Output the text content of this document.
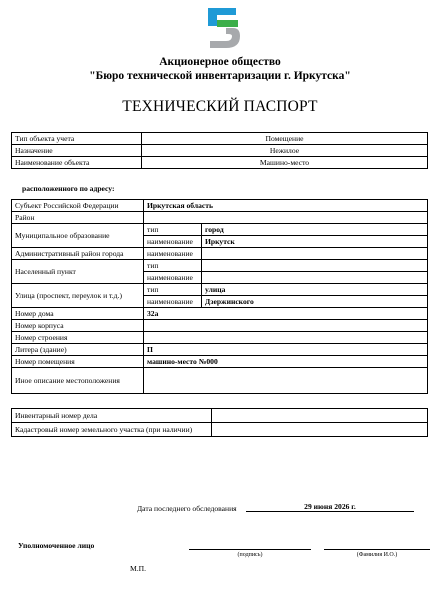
Акционерное общество
"Бюро технической инвентаризации г. Иркутска"
ТЕХНИЧЕСКИЙ ПАСПОРТ
Тип объекта учета	Помещение
Назначение	Нежилое
Наименование объекта	Машино-место
расположенного по адресу:
Субъект Российской Федерации	Иркутская область	
Район		
Муниципальное образование	тип	город
	наименование	Иркутск
Административный район города	наименование	
Населенный пункт	тип	
	наименование	
Улица (проспект, переулок и т.д.)	тип	улица
	наименование	Дзержинского
Номер дома	32а	
Номер корпуса		
Номер строения		
Литера (здание)	П	
Номер помещения	машино-место №000	
Иное описание местоположения		
Инвентарный номер дела	
Кадастровый номер земельного участка (при наличии)	
Дата последнего обследования	29 июня 2026 г.
Уполномоченное лицо
(подпись)	(Фамилия И.О.)
М.П.
